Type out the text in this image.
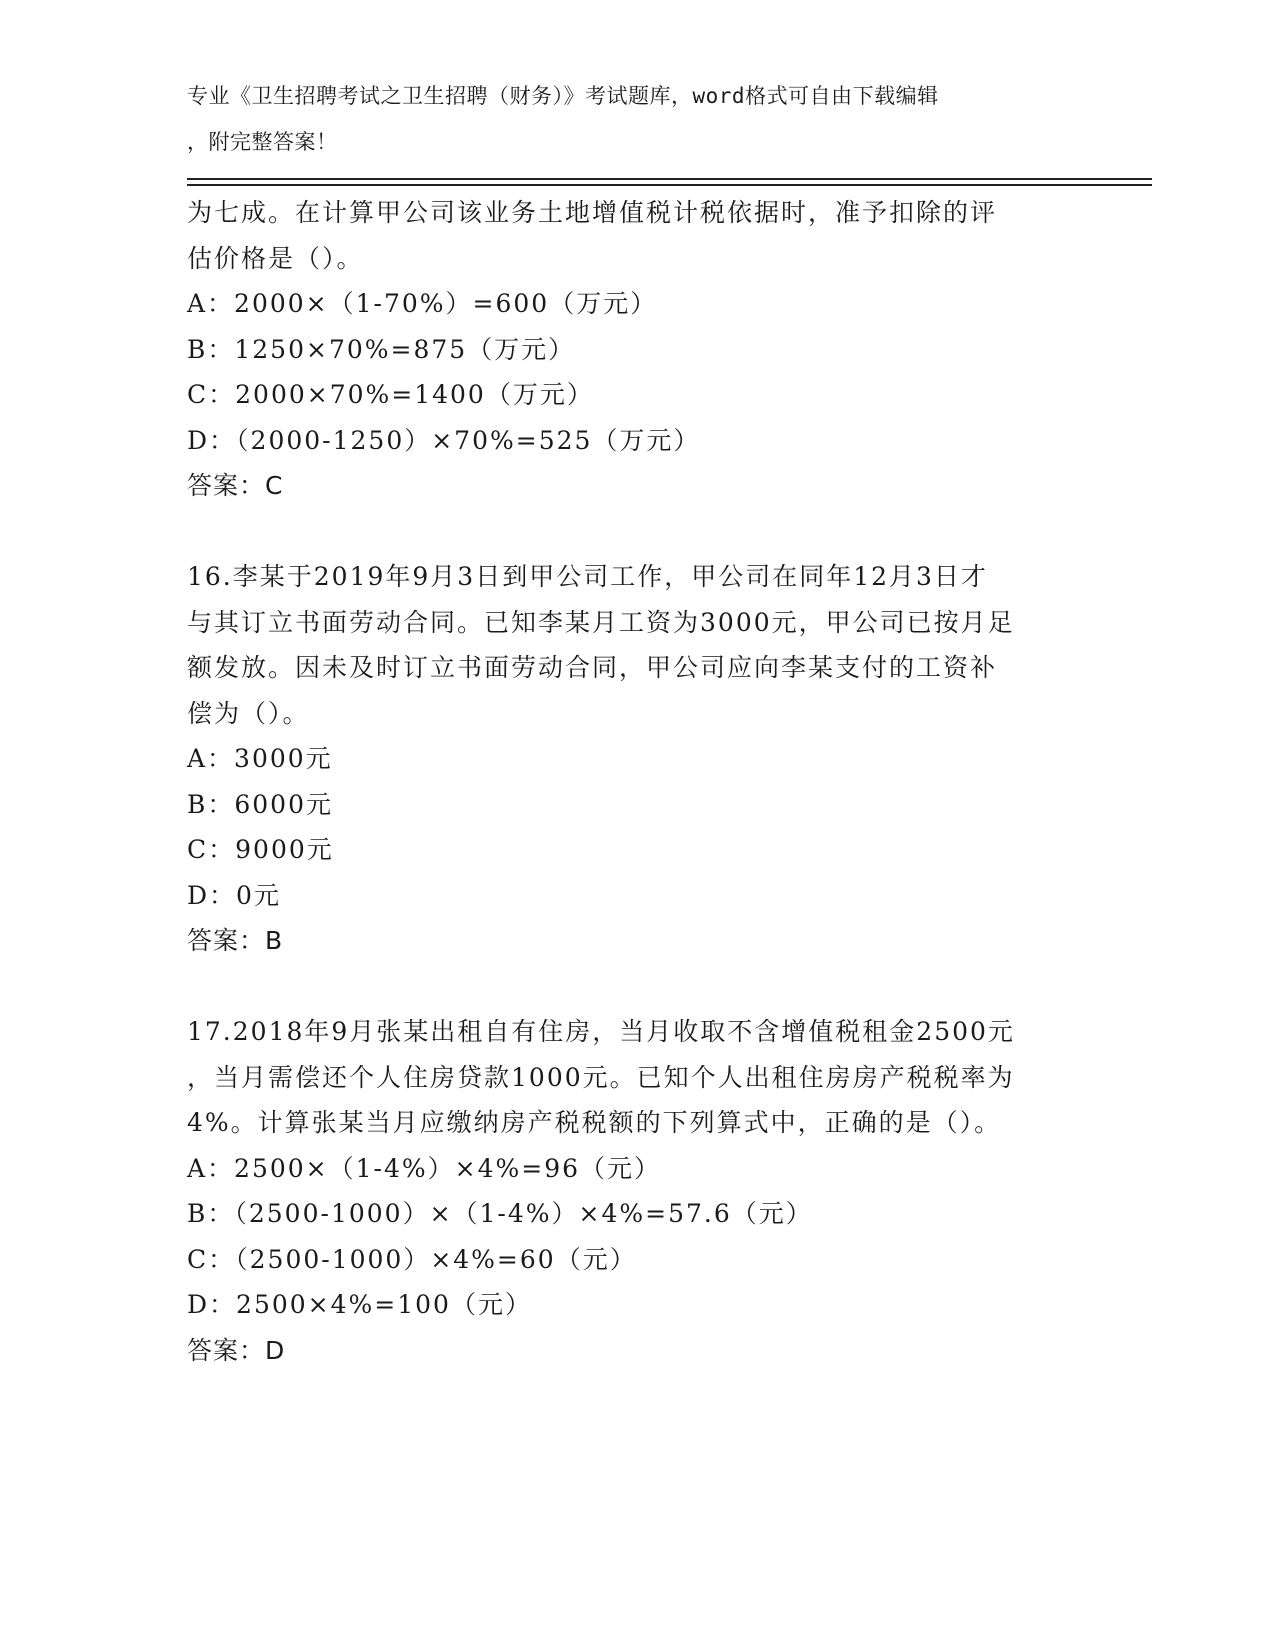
专业《卫生招聘考试之卫生招聘（财务）》考试题库，word格式可自由下载编辑
，附完整答案！
为七成。在计算甲公司该业务土地增值税计税依据时，准予扣除的评
估价格是（）。
A：2000×（1-70%）=600（万元）
B：1250×70%=875（万元）
C：2000×70%=1400（万元）
D：（2000-1250）×70%=525（万元）
答案：C
16.李某于2019年9月3日到甲公司工作，甲公司在同年12月3日才
与其订立书面劳动合同。已知李某月工资为3000元，甲公司已按月足
额发放。因未及时订立书面劳动合同，甲公司应向李某支付的工资补
偿为（）。
A：3000元
B：6000元
C：9000元
D：0元
答案：B
17.2018年9月张某出租自有住房，当月收取不含增值税租金2500元
，当月需偿还个人住房贷款1000元。已知个人出租住房房产税税率为
4%。计算张某当月应缴纳房产税税额的下列算式中，正确的是（）。
A：2500×（1-4%）×4%=96（元）
B：（2500-1000）×（1-4%）×4%=57.6（元）
C：（2500-1000）×4%=60（元）
D：2500×4%=100（元）
答案：D
